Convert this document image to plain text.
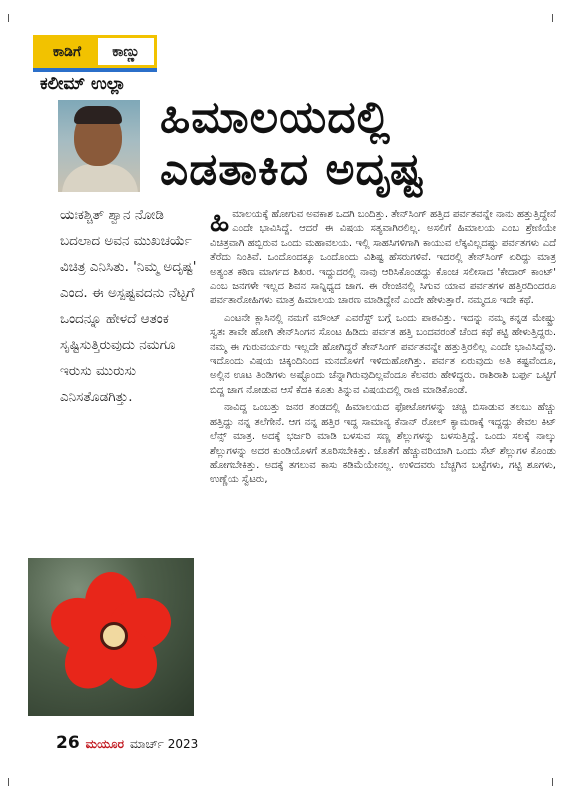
ಕಾಡಿಗೆ	ಕಾಣ್ಣು
ಕಲೀಮ್ ಉಲ್ಲಾ
ಹಿಮಾಲಯದಲ್ಲಿ
ಎಡತಾಕಿದ ಅದೃಷ್ಟ
ಯಃಕಶ್ಚಿತ್ ಶ್ವಾನ ನೋಡಿ ಬದಲಾದ ಅವನ ಮುಖಚರ್ಯೆ ವಿಚಿತ್ರ ಎನಿಸಿತು. 'ನಿಮ್ಮ ಅದೃಷ್ಟ' ಎಂದ. ಈ ಅಸ್ಪಷ್ಟವದನು ನೆಟ್ಟಗೆ ಒಂದನ್ನೂ ಹೇಳದೆ ಆತಂಕ ಸೃಷ್ಟಿಸುತ್ತಿರುವುದು ನಮಗೂ ಇರುಸು ಮುರುಸು ಎನಿಸತೊಡಗಿತ್ತು.

ಹಿಮಾಲಯಕ್ಕೆ ಹೋಗುವ ಅವಕಾಶ ಒದಗಿ ಬಂದಿತ್ತು. ತೇನ್‌ಸಿಂಗ್ ಹತ್ತಿದ ಪರ್ವತವನ್ನೇ ನಾನು ಹತ್ತುತ್ತಿದ್ದೇನೆ ಎಂದೇ ಭಾವಿಸಿದ್ದೆ. ಆದರೆ ಈ ವಿಷಯ ಸತ್ಯವಾಗಿರಲಿಲ್ಲ. ಅಸಲಿಗೆ ಹಿಮಾಲಯ ಎಂಬ ಶ್ರೇಣಿಯೇ ವಿಚಿತ್ರವಾಗಿ ಹಬ್ಬಿರುವ ಒಂದು ಮಹಾವಲಯ. ಇಲ್ಲಿ ಸಾಹಸಿಗಳಿಗಾಗಿ ಕಾಯುವ ಲೆಕ್ಕವಿಲ್ಲದಷ್ಟು ಪರ್ವತಗಳು ಎದೆ ತೆರೆದು ನಿಂತಿವೆ. ಒಂದೊಂದಕ್ಕೂ ಒಂದೊಂದು ವಿಶಿಷ್ಟ ಹೆಸರುಗಳಿವೆ. ಇದರಲ್ಲಿ ತೇನ್‌ಸಿಂಗ್ ಏರಿದ್ದು ಮಾತ್ರ ಅತ್ಯಂತ ಕಠಿಣ ಮಾರ್ಗದ ಶಿಖರ. ಇದ್ದುದರಲ್ಲಿ ನಾವು ಆರಿಸಿಕೊಂಡದ್ದು ಕೊಂಚ ಸಲೀಸಾದ 'ಕೇದಾರ್ ಕಾಂಟ್' ಎಂಬ ಜನಗಳೇ ಇಲ್ಲದ ಶಿವನ ಸಾನ್ನಿಧ್ಯದ ಜಾಗ. ಈ ರೇಂಜಿನಲ್ಲಿ ಸಿಗುವ ಯಾವ ಪರ್ವತಗಳ ಹತ್ತಿರದಿಂದರೂ ಪರ್ವತಾರೋಹಿಗಳು ಮಾತ್ರ ಹಿಮಾಲಯ ಚಾರಣ ಮಾಡಿದ್ದೇನೆ ಎಂದೇ ಹೇಳುತ್ತಾರೆ. ನಮ್ಮದೂ ಇದೇ ಕಥೆ.

ಎಂಟನೇ ಕ್ಲಾಸಿನಲ್ಲಿ ನಮಗೆ ಮೌಂಟ್ ಎವರೆಸ್ಟ್ ಬಗ್ಗೆ ಒಂದು ಪಾಠವಿತ್ತು. ಇದನ್ನು ನಮ್ಮ ಕನ್ನಡ ಮೇಷ್ಟ್ರು ಸ್ವತಃ ತಾವೇ ಹೋಗಿ ತೇನ್‌ಸಿಂಗನ ಸೊಂಟ ಹಿಡಿದು ಪರ್ವತ ಹತ್ತಿ ಬಂದವರಂತೆ ಚೆಂದ ಕಥೆ ಕಟ್ಟಿ ಹೇಳುತ್ತಿದ್ದರು. ನಮ್ಮ ಈ ಗುರುವರ್ಯರು ಇಲ್ಲದೇ ಹೋಗಿದ್ದರೆ ತೇನ್‌ಸಿಂಗ್ ಪರ್ವತವನ್ನೇ ಹತ್ತುತ್ತಿರಲಿಲ್ಲ ಎಂದೇ ಭಾವಿಸಿದ್ದೆವು. ಇದೊಂದು ವಿಷಯ ಚಿಕ್ಕಂದಿನಿಂದ ಮನದೊಳಗೆ ಇಳಿದುಹೋಗಿತ್ತು. ಪರ್ವತ ಏರುವುದು ಅತಿ ಕಷ್ಟವೆಂದೂ, ಅಲ್ಲಿನ ಊಟ ತಿಂಡಿಗಳು ಅಷ್ಟೊಂದು ಚೆನ್ನಾಗಿರುವುದಿಲ್ಲವೆಂದೂ ಕೆಲವರು ಹೇಳಿದ್ದರು. ರಾಶಿರಾಶಿ ಬರ್ಫು ಒಟ್ಟಿಗೆ ಬಿದ್ದ ಜಾಗ ನೋಡುವ ಆಸೆ ಕೆದಕಿ ಕೂತು ತಿನ್ನುವ ವಿಷಯದಲ್ಲಿ ರಾಜಿ ಮಾಡಿಕೊಂಡೆ.

ನಾವಿದ್ದ ಒಂಬತ್ತು ಜನರ ತಂಡದಲ್ಲಿ ಹಿಮಾಲಯದ ಫೋಟೋಗಳನ್ನು ಚಚ್ಚಿ ಬಿಸಾಡುವ ತಲಬು ಹೆಚ್ಚು ಹತ್ತಿದ್ದು ನನ್ನ ತಲೆಗೇನೆ. ಆಗ ನನ್ನ ಹತ್ತಿರ ಇದ್ದ ಸಾಮಾನ್ಯ ಕೆನಾನ್ ರೋಲ್ ಕ್ಯಾಮರಾಕ್ಕೆ ಇದ್ದದ್ದು ಕೇವಲ ಕಿಟ್ ಲೆನ್ಸ್ ಮಾತ್ರ. ಅದಕ್ಕೆ ಭರ್ಜರಿ ಮಾಡಿ ಬಳಸುವ ಸಣ್ಣ ಶೆಲ್ಲುಗಳನ್ನು ಬಳಸುತ್ತಿದ್ದೆ. ಒಂದು ಸಲಕ್ಕೆ ನಾಲ್ಕು ಶೆಲ್ಲುಗಳನ್ನು ಅದರ ಕುಂಡಿಯೊಳಗೆ ತೂರಿಸಬೇಕಿತ್ತು. ಜೊತೆಗೆ ಹೆಚ್ಚುವರಿಯಾಗಿ ಒಂದು ಸೆಟ್ ಶೆಲ್ಲುಗಳ ಕೊಂಡು ಹೋಗಬೇಕಿತ್ತು. ಅದಕ್ಕೆ ತಗಲುವ ಕಾಸು ಕಡಿಮೆಯೇನಲ್ಲ. ಉಳಿದವರು ಬೆಚ್ಚಗಿನ ಬಟ್ಟೆಗಳು, ಗಟ್ಟಿ ಶೂಗಳು, ಉಣ್ಣೆಯ ಸ್ವೆಟರು,

26 ಮಯೂರ ಮಾರ್ಚ್ 2023
